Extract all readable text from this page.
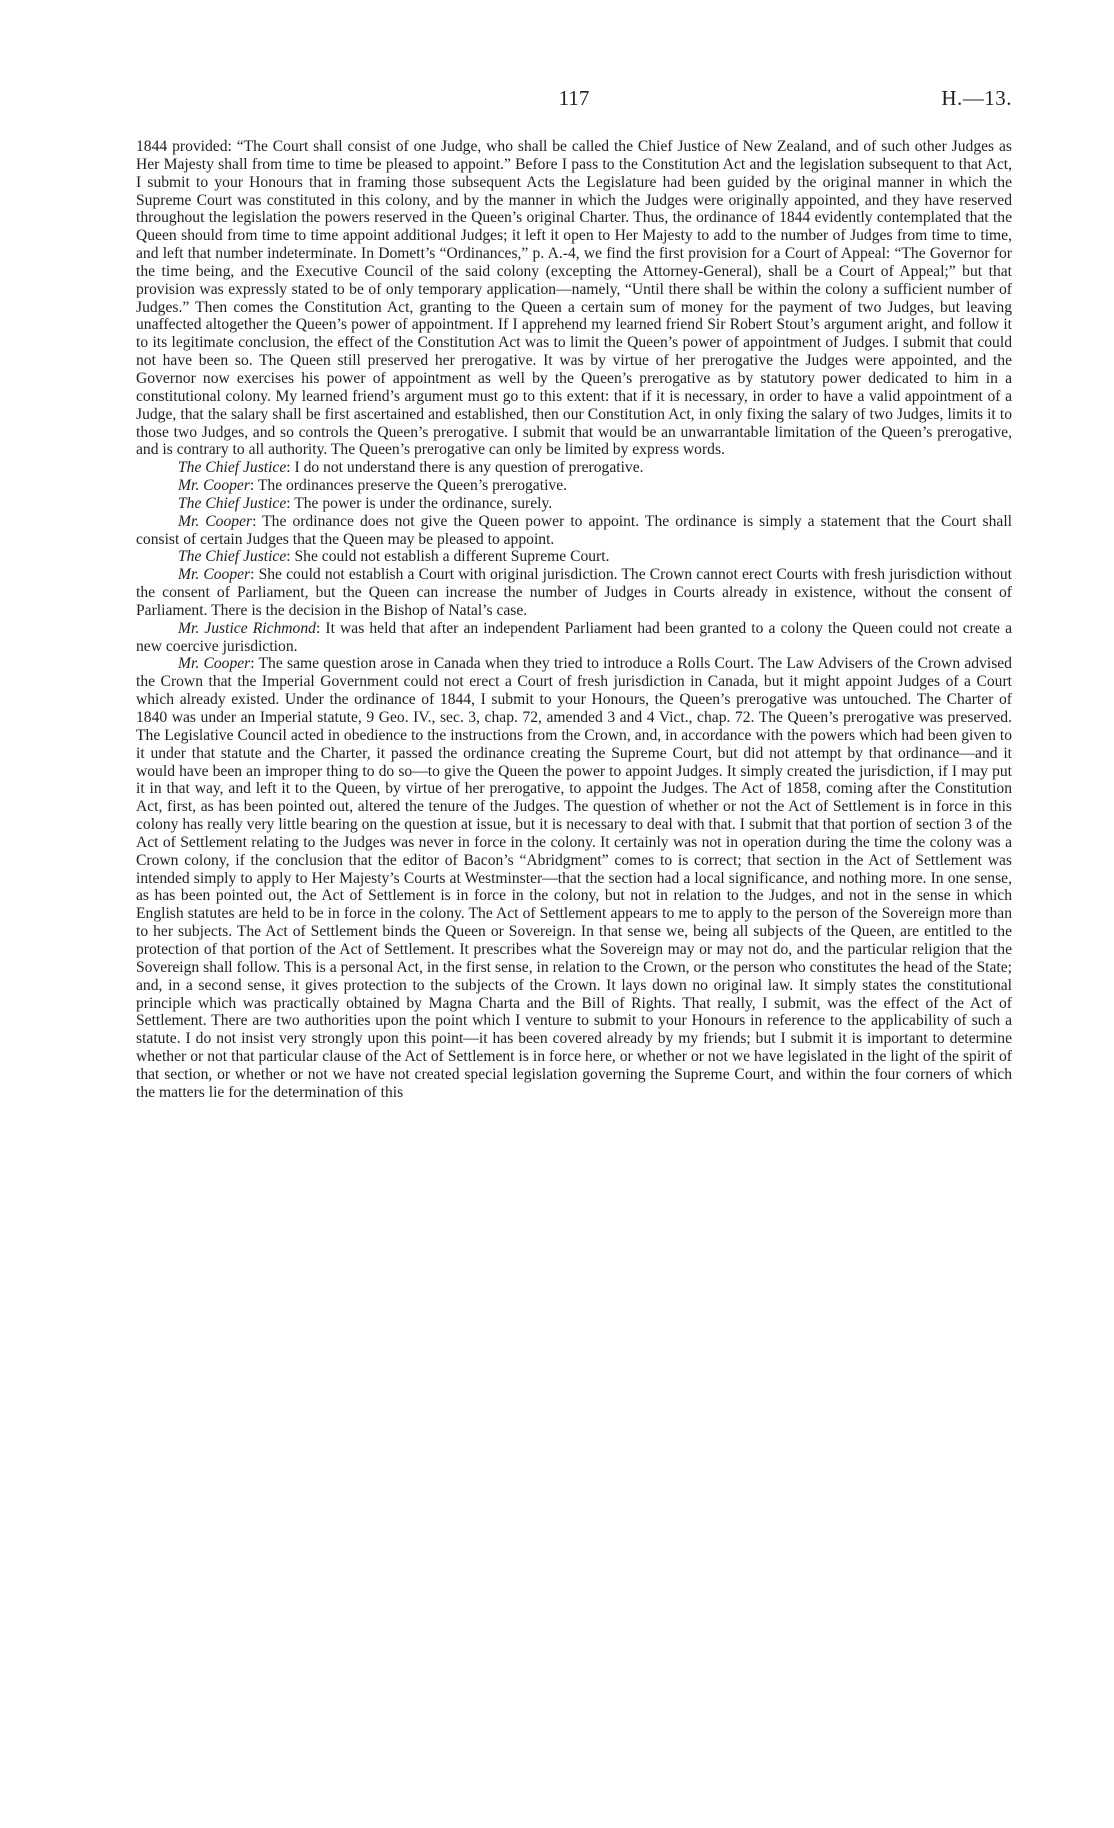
117	H.—13.

1844 provided: “The Court shall consist of one Judge, who shall be called the Chief Justice of New Zealand, and of such other Judges as Her Majesty shall from time to time be pleased to appoint.” Before I pass to the Constitution Act and the legislation subsequent to that Act, I submit to your Honours that in framing those subsequent Acts the Legislature had been guided by the original manner in which the Supreme Court was constituted in this colony, and by the manner in which the Judges were originally appointed, and they have reserved throughout the legislation the powers reserved in the Queen’s original Charter. Thus, the ordinance of 1844 evidently contemplated that the Queen should from time to time appoint additional Judges; it left it open to Her Majesty to add to the number of Judges from time to time, and left that number indeterminate. In Domett’s “Ordinances,” p. A.-4, we find the first provision for a Court of Appeal: “The Governor for the time being, and the Executive Council of the said colony (excepting the Attorney-General), shall be a Court of Appeal;” but that provision was expressly stated to be of only temporary application—namely, “Until there shall be within the colony a sufficient number of Judges.” Then comes the Constitution Act, granting to the Queen a certain sum of money for the payment of two Judges, but leaving unaffected altogether the Queen’s power of appointment. If I apprehend my learned friend Sir Robert Stout’s argument aright, and follow it to its legitimate conclusion, the effect of the Constitution Act was to limit the Queen’s power of appointment of Judges. I submit that could not have been so. The Queen still preserved her prerogative. It was by virtue of her prerogative the Judges were appointed, and the Governor now exercises his power of appointment as well by the Queen’s prerogative as by statutory power dedicated to him in a constitutional colony. My learned friend’s argument must go to this extent: that if it is necessary, in order to have a valid appointment of a Judge, that the salary shall be first ascertained and established, then our Constitution Act, in only fixing the salary of two Judges, limits it to those two Judges, and so controls the Queen’s prerogative. I submit that would be an unwarrantable limitation of the Queen’s prerogative, and is contrary to all authority. The Queen’s prerogative can only be limited by express words.

The Chief Justice: I do not understand there is any question of prerogative.

Mr. Cooper: The ordinances preserve the Queen’s prerogative.

The Chief Justice: The power is under the ordinance, surely.

Mr. Cooper: The ordinance does not give the Queen power to appoint. The ordinance is simply a statement that the Court shall consist of certain Judges that the Queen may be pleased to appoint.

The Chief Justice: She could not establish a different Supreme Court.

Mr. Cooper: She could not establish a Court with original jurisdiction. The Crown cannot erect Courts with fresh jurisdiction without the consent of Parliament, but the Queen can increase the number of Judges in Courts already in existence, without the consent of Parliament. There is the decision in the Bishop of Natal’s case.

Mr. Justice Richmond: It was held that after an independent Parliament had been granted to a colony the Queen could not create a new coercive jurisdiction.

Mr. Cooper: The same question arose in Canada when they tried to introduce a Rolls Court. The Law Advisers of the Crown advised the Crown that the Imperial Government could not erect a Court of fresh jurisdiction in Canada, but it might appoint Judges of a Court which already existed. Under the ordinance of 1844, I submit to your Honours, the Queen’s prerogative was untouched. The Charter of 1840 was under an Imperial statute, 9 Geo. IV., sec. 3, chap. 72, amended 3 and 4 Vict., chap. 72. The Queen’s prerogative was preserved. The Legislative Council acted in obedience to the instructions from the Crown, and, in accordance with the powers which had been given to it under that statute and the Charter, it passed the ordinance creating the Supreme Court, but did not attempt by that ordinance—and it would have been an improper thing to do so—to give the Queen the power to appoint Judges. It simply created the jurisdiction, if I may put it in that way, and left it to the Queen, by virtue of her prerogative, to appoint the Judges. The Act of 1858, coming after the Constitution Act, first, as has been pointed out, altered the tenure of the Judges. The question of whether or not the Act of Settlement is in force in this colony has really very little bearing on the question at issue, but it is necessary to deal with that. I submit that that portion of section 3 of the Act of Settlement relating to the Judges was never in force in the colony. It certainly was not in operation during the time the colony was a Crown colony, if the conclusion that the editor of Bacon’s “Abridgment” comes to is correct; that section in the Act of Settlement was intended simply to apply to Her Majesty’s Courts at Westminster—that the section had a local significance, and nothing more. In one sense, as has been pointed out, the Act of Settlement is in force in the colony, but not in relation to the Judges, and not in the sense in which English statutes are held to be in force in the colony. The Act of Settlement appears to me to apply to the person of the Sovereign more than to her subjects. The Act of Settlement binds the Queen or Sovereign. In that sense we, being all subjects of the Queen, are entitled to the protection of that portion of the Act of Settlement. It prescribes what the Sovereign may or may not do, and the particular religion that the Sovereign shall follow. This is a personal Act, in the first sense, in relation to the Crown, or the person who constitutes the head of the State; and, in a second sense, it gives protection to the subjects of the Crown. It lays down no original law. It simply states the constitutional principle which was practically obtained by Magna Charta and the Bill of Rights. That really, I submit, was the effect of the Act of Settlement. There are two authorities upon the point which I venture to submit to your Honours in reference to the applicability of such a statute. I do not insist very strongly upon this point—it has been covered already by my friends; but I submit it is important to determine whether or not that particular clause of the Act of Settlement is in force here, or whether or not we have legislated in the light of the spirit of that section, or whether or not we have not created special legislation governing the Supreme Court, and within the four corners of which the matters lie for the determination of this
